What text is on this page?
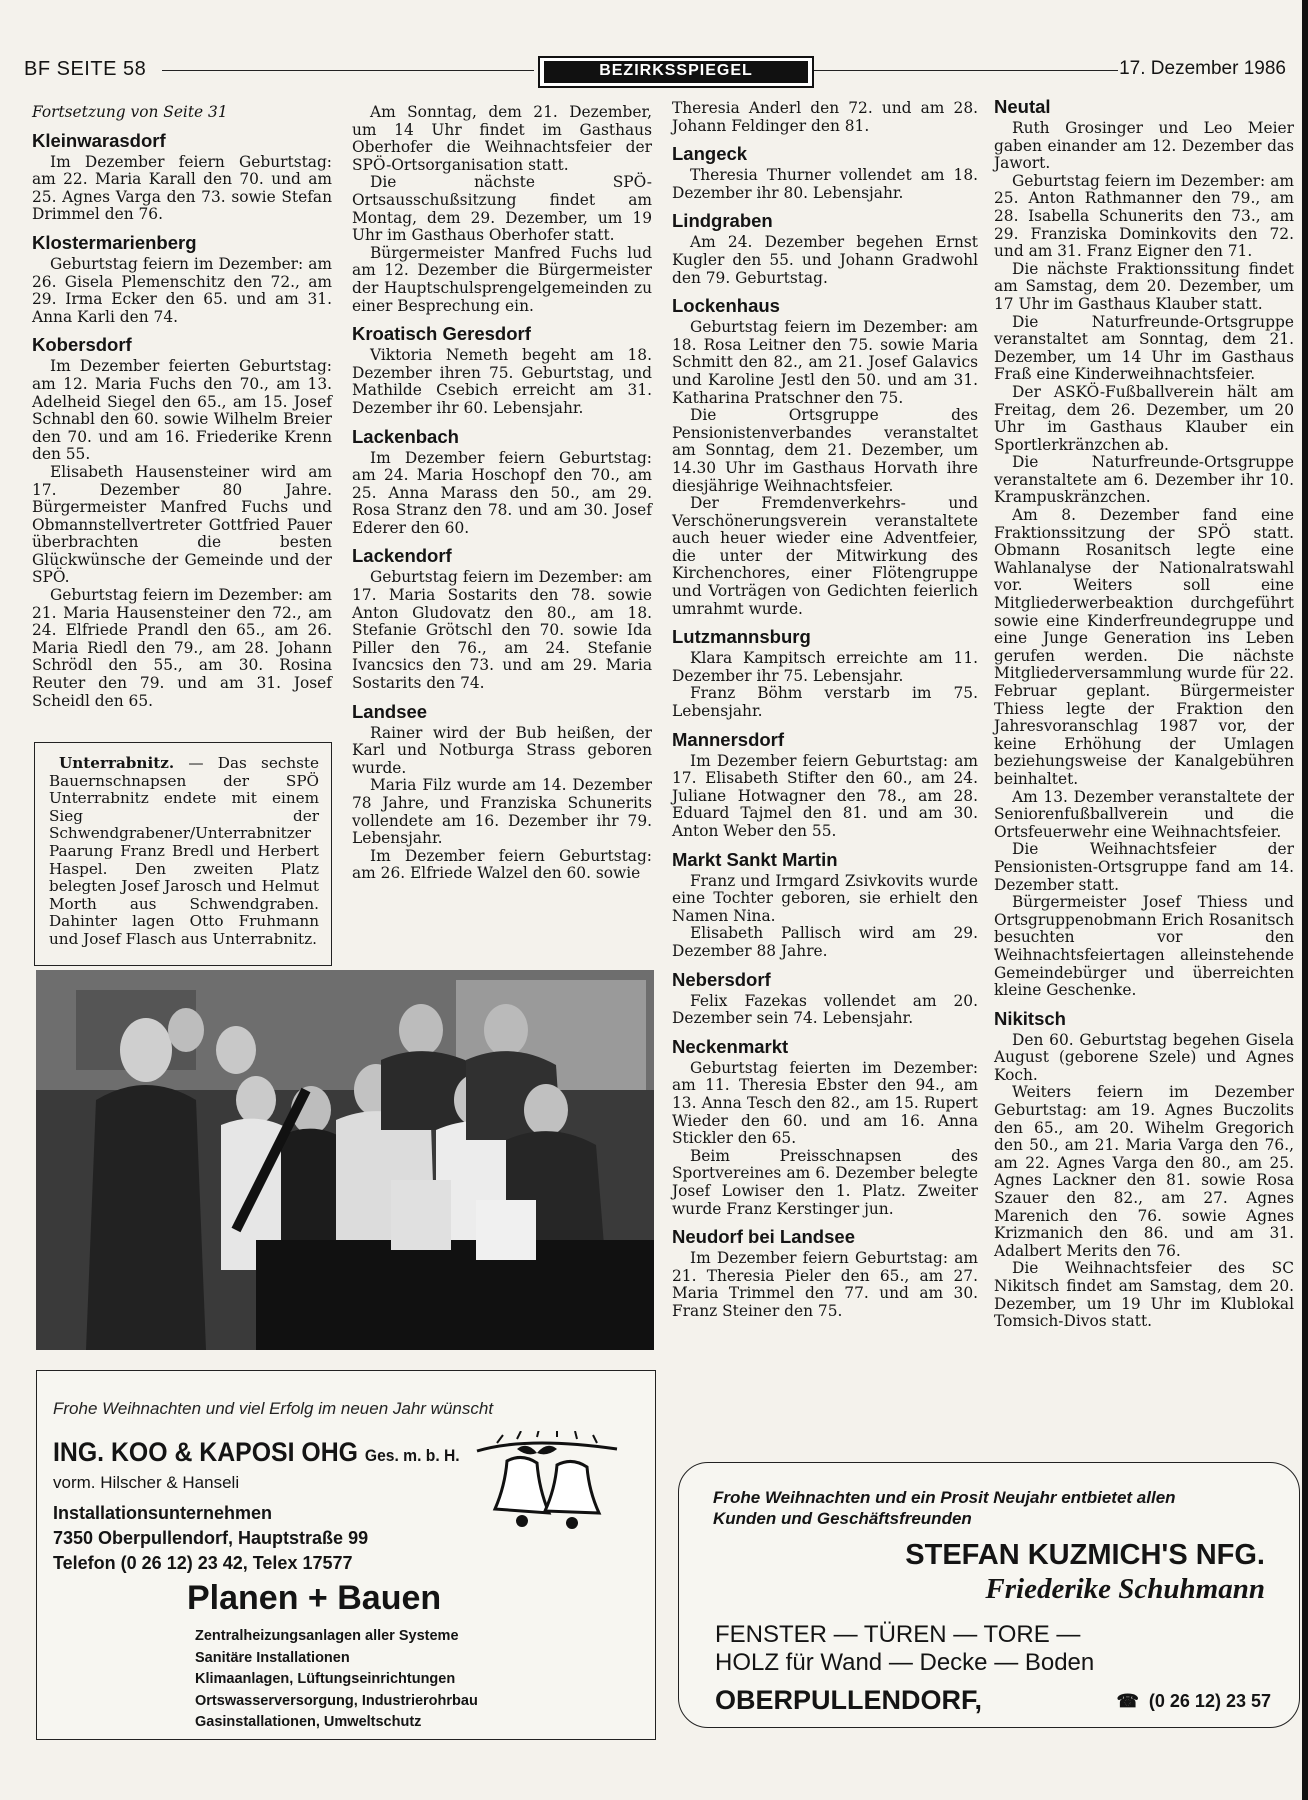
BF SEITE 58	BEZIRKSSPIEGEL	17. Dezember 1986

Fortsetzung von Seite 31

Kleinwarasdorf

Im Dezember feiern Geburtstag: am 22. Maria Karall den 70. und am 25. Agnes Varga den 73. sowie Stefan Drimmel den 76.

Klostermarienberg

Geburtstag feiern im Dezember: am 26. Gisela Plemenschitz den 72., am 29. Irma Ecker den 65. und am 31. Anna Karli den 74.

Kobersdorf

Im Dezember feierten Geburtstag: am 12. Maria Fuchs den 70., am 13. Adelheid Siegel den 65., am 15. Josef Schnabl den 60. sowie Wilhelm Breier den 70. und am 16. Friederike Krenn den 55.

Elisabeth Hausensteiner wird am 17. Dezember 80 Jahre. Bürgermeister Manfred Fuchs und Obmannstellvertreter Gottfried Pauer überbrachten die besten Glückwünsche der Gemeinde und der SPÖ.

Geburtstag feiern im Dezember: am 21. Maria Hausensteiner den 72., am 24. Elfriede Prandl den 65., am 26. Maria Riedl den 79., am 28. Johann Schrödl den 55., am 30. Rosina Reuter den 79. und am 31. Josef Scheidl den 65.

Unterrabnitz. — Das sechste Bauernschnapsen der SPÖ Unterrabnitz endete mit einem Sieg der Schwendgrabener/Unterrabnitzer Paarung Franz Bredl und Herbert Haspel. Den zweiten Platz belegten Josef Jarosch und Helmut Morth aus Schwendgraben. Dahinter lagen Otto Fruhmann und Josef Flasch aus Unterrabnitz.

Am Sonntag, dem 21. Dezember, um 14 Uhr findet im Gasthaus Oberhofer die Weihnachtsfeier der SPÖ-Ortsorganisation statt.

Die nächste SPÖ-Ortsausschußsitzung findet am Montag, dem 29. Dezember, um 19 Uhr im Gasthaus Oberhofer statt.

Bürgermeister Manfred Fuchs lud am 12. Dezember die Bürgermeister der Hauptschulsprengelgemeinden zu einer Besprechung ein.

Kroatisch Geresdorf

Viktoria Nemeth begeht am 18. Dezember ihren 75. Geburtstag, und Mathilde Csebich erreicht am 31. Dezember ihr 60. Lebensjahr.

Lackenbach

Im Dezember feiern Geburtstag: am 24. Maria Hoschopf den 70., am 25. Anna Marass den 50., am 29. Rosa Stranz den 78. und am 30. Josef Ederer den 60.

Lackendorf

Geburtstag feiern im Dezember: am 17. Maria Sostarits den 78. sowie Anton Gludovatz den 80., am 18. Stefanie Grötschl den 70. sowie Ida Piller den 76., am 24. Stefanie Ivancsics den 73. und am 29. Maria Sostarits den 74.

Landsee

Rainer wird der Bub heißen, der Karl und Notburga Strass geboren wurde.

Maria Filz wurde am 14. Dezember 78 Jahre, und Franziska Schunerits vollendete am 16. Dezember ihr 79. Lebensjahr.

Im Dezember feiern Geburtstag: am 26. Elfriede Walzel den 60. sowie

Theresia Anderl den 72. und am 28. Johann Feldinger den 81.

Langeck

Theresia Thurner vollendet am 18. Dezember ihr 80. Lebensjahr.

Lindgraben

Am 24. Dezember begehen Ernst Kugler den 55. und Johann Gradwohl den 79. Geburtstag.

Lockenhaus

Geburtstag feiern im Dezember: am 18. Rosa Leitner den 75. sowie Maria Schmitt den 82., am 21. Josef Galavics und Karoline Jestl den 50. und am 31. Katharina Pratschner den 75.

Die Ortsgruppe des Pensionistenverbandes veranstaltet am Sonntag, dem 21. Dezember, um 14.30 Uhr im Gasthaus Horvath ihre diesjährige Weihnachtsfeier.

Der Fremdenverkehrs- und Verschönerungsverein veranstaltete auch heuer wieder eine Adventfeier, die unter der Mitwirkung des Kirchenchores, einer Flötengruppe und Vorträgen von Gedichten feierlich umrahmt wurde.

Lutzmannsburg

Klara Kampitsch erreichte am 11. Dezember ihr 75. Lebensjahr.

Franz Böhm verstarb im 75. Lebensjahr.

Mannersdorf

Im Dezember feiern Geburtstag: am 17. Elisabeth Stifter den 60., am 24. Juliane Hotwagner den 78., am 28. Eduard Tajmel den 81. und am 30. Anton Weber den 55.

Markt Sankt Martin

Franz und Irmgard Zsivkovits wurde eine Tochter geboren, sie erhielt den Namen Nina.

Elisabeth Pallisch wird am 29. Dezember 88 Jahre.

Nebersdorf

Felix Fazekas vollendet am 20. Dezember sein 74. Lebensjahr.

Neckenmarkt

Geburtstag feierten im Dezember: am 11. Theresia Ebster den 94., am 13. Anna Tesch den 82., am 15. Rupert Wieder den 60. und am 16. Anna Stickler den 65.

Beim Preisschnapsen des Sportvereines am 6. Dezember belegte Josef Lowiser den 1. Platz. Zweiter wurde Franz Kerstinger jun.

Neudorf bei Landsee

Im Dezember feiern Geburtstag: am 21. Theresia Pieler den 65., am 27. Maria Trimmel den 77. und am 30. Franz Steiner den 75.

Neutal

Ruth Grosinger und Leo Meier gaben einander am 12. Dezember das Jawort.

Geburtstag feiern im Dezember: am 25. Anton Rathmanner den 79., am 28. Isabella Schunerits den 73., am 29. Franziska Dominkovits den 72. und am 31. Franz Eigner den 71.

Die nächste Fraktionssitung findet am Samstag, dem 20. Dezember, um 17 Uhr im Gasthaus Klauber statt.

Die Naturfreunde-Ortsgruppe veranstaltet am Sonntag, dem 21. Dezember, um 14 Uhr im Gasthaus Fraß eine Kinderweihnachtsfeier.

Der ASKÖ-Fußballverein hält am Freitag, dem 26. Dezember, um 20 Uhr im Gasthaus Klauber ein Sportlerkränzchen ab.

Die Naturfreunde-Ortsgruppe veranstaltete am 6. Dezember ihr 10. Krampuskränzchen.

Am 8. Dezember fand eine Fraktionssitzung der SPÖ statt. Obmann Rosanitsch legte eine Wahlanalyse der Nationalratswahl vor. Weiters soll eine Mitgliederwerbeaktion durchgeführt sowie eine Kinderfreundegruppe und eine Junge Generation ins Leben gerufen werden. Die nächste Mitgliederversammlung wurde für 22. Februar geplant. Bürgermeister Thiess legte der Fraktion den Jahresvoranschlag 1987 vor, der keine Erhöhung der Umlagen beziehungsweise der Kanalgebühren beinhaltet.

Am 13. Dezember veranstaltete der Seniorenfußballverein und die Ortsfeuerwehr eine Weihnachtsfeier.

Die Weihnachtsfeier der Pensionisten-Ortsgruppe fand am 14. Dezember statt.

Bürgermeister Josef Thiess und Ortsgruppenobmann Erich Rosanitsch besuchten vor den Weihnachtsfeiertagen alleinstehende Gemeindebürger und überreichten kleine Geschenke.

Nikitsch

Den 60. Geburtstag begehen Gisela August (geborene Szele) und Agnes Koch.

Weiters feiern im Dezember Geburtstag: am 19. Agnes Buczolits den 65., am 20. Wihelm Gregorich den 50., am 21. Maria Varga den 76., am 22. Agnes Varga den 80., am 25. Agnes Lackner den 81. sowie Rosa Szauer den 82., am 27. Agnes Marenich den 76. sowie Agnes Krizmanich den 86. und am 31. Adalbert Merits den 76.

Die Weihnachtsfeier des SC Nikitsch findet am Samstag, dem 20. Dezember, um 19 Uhr im Klublokal Tomsich-Divos statt.

Frohe Weihnachten und viel Erfolg im neuen Jahr wünscht
ING. KOO & KAPOSI OHG Ges. m. b. H.
vorm. Hilscher & Hanseli
Installationsunternehmen
7350 Oberpullendorf, Hauptstraße 99
Telefon (0 26 12) 23 42, Telex 17577
Planen + Bauen
Zentralheizungsanlagen aller Systeme
Sanitäre Installationen
Klimaanlagen, Lüftungseinrichtungen
Ortswasserversorgung, Industrierohrbau
Gasinstallationen, Umweltschutz
Frohe Weihnachten und ein Prosit Neujahr entbietet allen
Kunden und Geschäftsfreunden
STEFAN KUZMICH'S NFG.
Friederike Schuhmann
FENSTER — TÜREN — TORE —
HOLZ für Wand — Decke — Boden
OBERPULLENDORF,	☎ (0 26 12) 23 57
